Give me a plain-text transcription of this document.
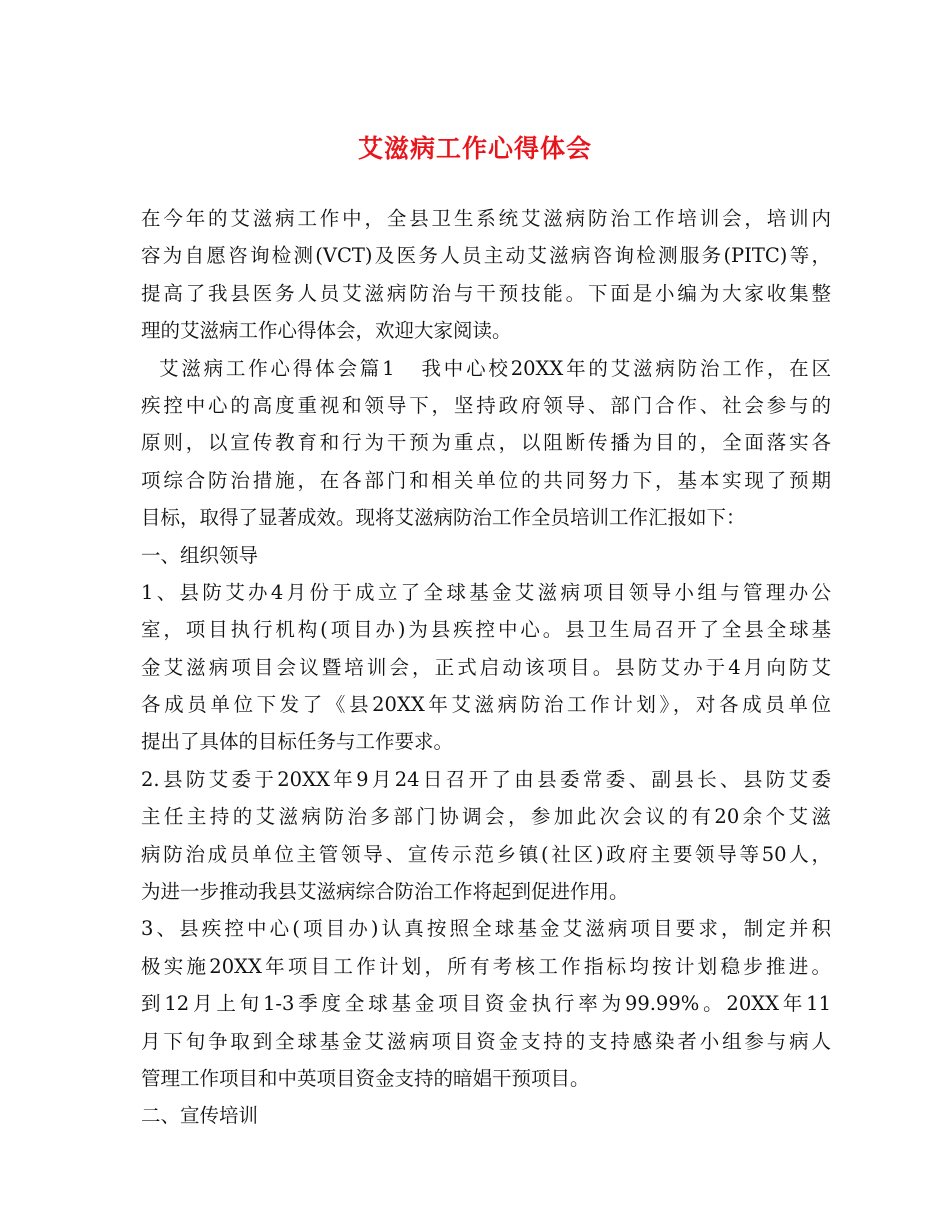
艾滋病工作心得体会
在今年的艾滋病工作中，全县卫生系统艾滋病防治工作培训会，培训内
容为自愿咨询检测(VCT)及医务人员主动艾滋病咨询检测服务(PITC)等，
提高了我县医务人员艾滋病防治与干预技能。下面是小编为大家收集整
理的艾滋病工作心得体会，欢迎大家阅读。
艾滋病工作心得体会篇1   我中心校20XX年的艾滋病防治工作，在区
疾控中心的高度重视和领导下，坚持政府领导、部门合作、社会参与的
原则，以宣传教育和行为干预为重点，以阻断传播为目的，全面落实各
项综合防治措施，在各部门和相关单位的共同努力下，基本实现了预期
目标，取得了显著成效。现将艾滋病防治工作全员培训工作汇报如下：
一、组织领导
1、县防艾办4月份于成立了全球基金艾滋病项目领导小组与管理办公
室，项目执行机构(项目办)为县疾控中心。县卫生局召开了全县全球基
金艾滋病项目会议暨培训会，正式启动该项目。县防艾办于4月向防艾
各成员单位下发了《县20XX年艾滋病防治工作计划》，对各成员单位
提出了具体的目标任务与工作要求。
2.县防艾委于20XX年9月24日召开了由县委常委、副县长、县防艾委
主任主持的艾滋病防治多部门协调会，参加此次会议的有20余个艾滋
病防治成员单位主管领导、宣传示范乡镇(社区)政府主要领导等50人，
为进一步推动我县艾滋病综合防治工作将起到促进作用。
3、县疾控中心(项目办)认真按照全球基金艾滋病项目要求，制定并积
极实施20XX年项目工作计划，所有考核工作指标均按计划稳步推进。
到12月上旬1-3季度全球基金项目资金执行率为99.99%。20XX年11
月下旬争取到全球基金艾滋病项目资金支持的支持感染者小组参与病人
管理工作项目和中英项目资金支持的暗娼干预项目。
二、宣传培训
